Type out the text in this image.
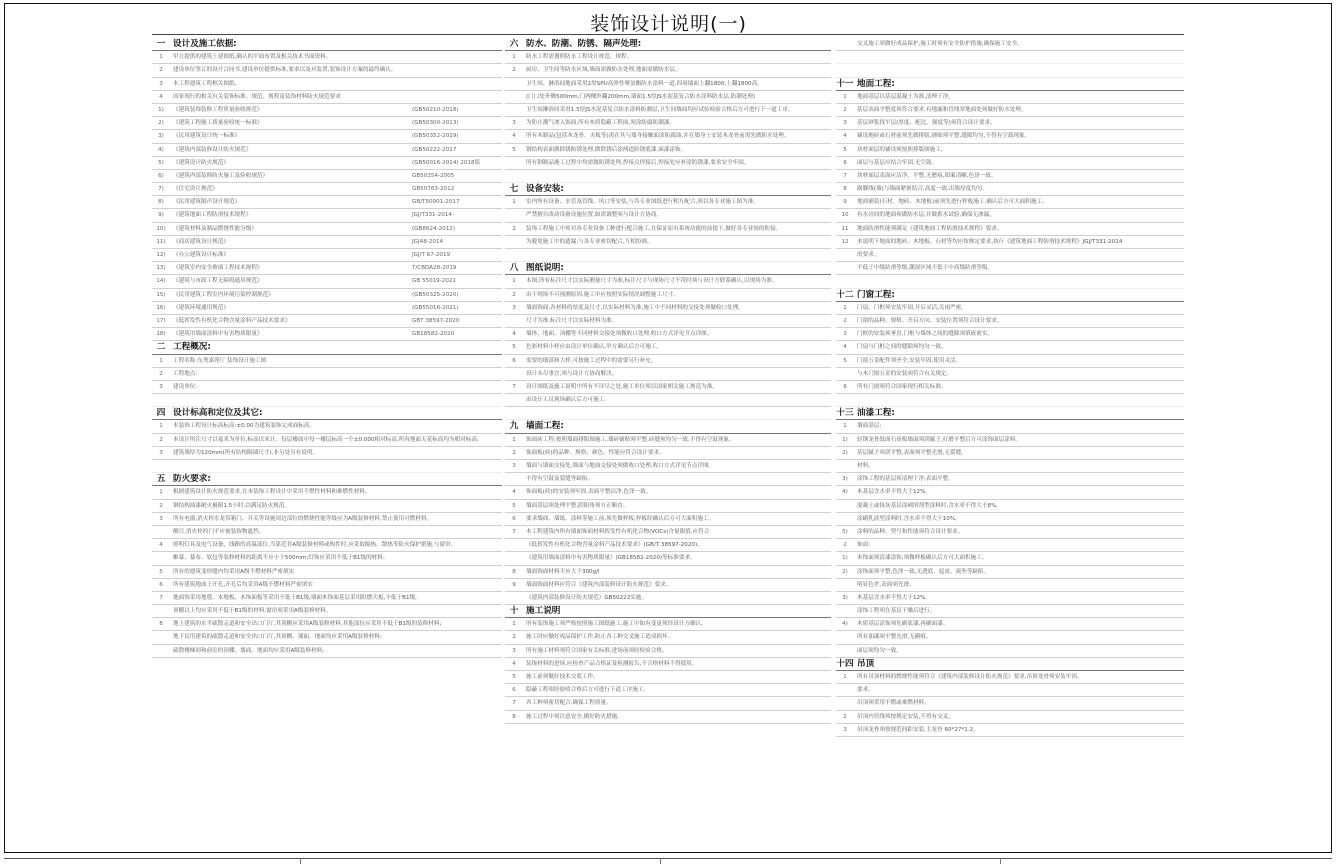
装饰设计说明(一)
一 设计及施工依据:
1	甲方提供的建筑土建图纸,确认的平面布置及相关技术书面资料。
2	建设单位签订的设计合同书,建设单位提供标准,要求以及对装置,装饰设计方案的最终确认。
3	本工程建筑工程相关图纸。
4	国家现行的相关有关装饰标准、规范、规程及装饰材料防火规范要求
1)	《建筑装饰装修工程质量验收规范》	(GB50210-2018)
2)	《建筑工程施工质量验收统一标准》	(GB50300-2013)
3)	《民用建筑设计统一标准》	(GB50352-2019)
4)	《建筑内部装修设计防火规范》	(GB50222-2017
5)	《建筑设计防火规范》	(GB50016-2014) 2018版
6)	《建筑内部装修防火施工及验收规范》	GB50354-2005
7)	《住宅设计规范》	GB50763-2012
8)	《民用建筑隔声设计规范》	GB/T50001-2017
9)	《建筑地面工程防滑技术规程》	JGJ/T331-2014
10)	《建筑材料及制品燃烧性能分级》	(GB8624-2012)
11)	《商店建筑设计规范》	JGJ48-2014
12)	《办公建筑设计标准》	JGJ/T 67-2019
13)	《建筑室内安全玻璃工程技术规程》	T/CBDA28-2019
14)	《建筑与市政工程无障碍通用规范》	GB 55019-2021
15)	《民用建筑工程室内环境污染控制规范》	(GB50325-2020)
16)	《建筑环境通用规范》	(GB55016-2021)
17)	《低挥发性有机化合物含量涂料产品技术要求》	GBT 38597-2020
18)	《建筑用墙面涂料中有害物质限量》	GB18582-2020
二 工程概况:
1	工程名称:东秀嘉苑厅 装饰设计施工图
2	工程地点:
3	建设单位:
四 设计标高和定位及其它:
1	本装饰工程设计标高标高:±0.00为建筑装饰完成面标高。
2	本设计所注尺寸以毫米为单位,标高以米计。每层楼面中每一楼层标高一个±0.000相对标高,所有地面天花标高均为相对标高。
3	建筑墙厚为120mm(所有结构隔墙尺寸),非另处另有说明。
五 防火要求:
1	根据建筑设计防火规范要求,在本装饰工程设计中采用不燃性材料和难燃性材料。
2	钢结构油漆耐火极限1.5小时,以满足防火规范。
3	所有电器,消火栓水龙带箱门、开关等设施周边部位的燃烧性能等级应为A级装修材料,禁止使用可燃材料。
醒目,消火栓的门不应被装饰物遮挡。
4	照明灯具及电气设备、线路的高温部位,当靠近非A级装修材料或构件时,应采取隔热、散热等防火保护措施,与窗帘、
帷幕、幕布、软包等装修材料的距离不应小于500mm;灯饰应采用不低于B1级的材料。
5	所有的建筑变形缝内均采用A级不燃材料严密填实
6	所有建筑地面上开孔,开孔后均采用A级不燃材料严密填实
7	地面饰采用地毯、木地板、木饰面板等采用不低于B1级,墙面木饰面基层采用阻燃大板,不低于B1级,
顶棚以上均应采用不低于B1级的材料,窗帘须采用A级装修材料。
8	地上建筑的水平疏散走道和安全出口门厅,其顶棚应采用A级装修材料,其他部位应采用不低于B1级的装修材料;
地下民用建筑的疏散走道和安全出口门厅,其顶棚、墙面、地面均应采用A级装修材料;
疏散楼梯间和前室的顶棚、墙面、地面均应采用A级装修材料;
六 防水、防潮、防锈、隔声处理:
1	防水工程需遵照防水工程设计规范、规程。
2	厨房、卫生间等防水区域,墙面需做防水处理,地面需做防水层。
卫生间、淋浴间地面采用2厚SPU高弹性聚氨酯防水涂料一道,四周墙面上翻1800,上翻1800高。
(门口处外侧500mm,门两侧外翻200mm,墙面1.5厚JS水泥基复合防水涂料防水层,防潮处理)
卫生间淋浴间采用1.5厚JS水泥基复合防水涂料防潮层,卫生间墙面均应试验检验合格后方可进行下一道工序。
3	为防止潮气渗入饰面,所有木质隐蔽工程面,须涂防腐防潮漆。
4	所有木制品(包括木龙骨、夹板等)需在其与墙身接触面涂防腐油,并在墙身上安装木龙骨前需先做防水处理。
5	钢结构表面做除锈防锈处理,做除锈后涂两道防锈底漆,面漆涂饰。
所有钢制品施工过程中均需做防锈处理,焊接点焊接后,焊接处应补涂防锈漆,要求安全牢固。
七 设备安装:
1	室内所有设备、水管及管线、风口等安装,与各专业图纸进行相互配合,须以各专业施工图为准。
严禁擅自改动设备设施位置,如需调整须与设计方协商。
2	装饰工程施工中须对各专业设备工种进行配合施工,在保证原有系统功能的前提下,做好各专业间的衔接。
为避免施工中的遗漏,与各专业密切配合,互相协调。
八 图纸说明:
1	本图,所有标注尺寸以实际测量尺寸为准,标注尺寸与现场尺寸不符时须与设计方联系确认,以现场为准。
2	由于现场不可预测原因,施工中应按照实际情况调整施工尺寸。
3	墙面饰面,各材料的厚度及尺寸,以实际材料为准,施工中不同材料的交接处须做收口处理。
尺寸为准,标注尺寸以实际材料为准。
4	墙体、地面、顶棚等不同材料交接处须做收口处理,收口方式详见节点详图。
5	色彩材料小样应由设计单位确认,甲方确认后方可施工。
6	需要的细部和大样,可按施工过程中的需要另行补充。
设计未尽事宜,须与设计方协商解决。
7	设计图纸及施工说明中所有不详尽之处,施工单位须以国家相关施工规范为准。
由设计人员现场确认后方可施工。
九 墙面工程:
1	饰面砖工程:按照墙面排版图施工,墙砖铺贴须平整,砖缝须均匀一致,不得有空鼓现象。
2	饰面板(砖)的品种、规格、颜色、性能应符合设计要求。
3	墙面与墙面交接处,墙面与地面交接处须做收口处理,收口方式详见节点详图。
不得有空鼓及裂缝等缺陷。
4	饰面板(砖)的安装须牢固,表面平整洁净,色泽一致。
5	墙面基层须处理平整,阴阳角须方正顺直。
6	要求墙面、墙纸、涂料等施工前,须先做样板,样板经确认后方可大面积施工。
7	本工程建筑内所有墙面饰面材料挥发性有机化合物(VOCs)含量限值,应符合
《低挥发性有机化合物含量涂料产品技术要求》(GB/T 38597-2020)、
《建筑用墙面涂料中有害物质限量》(GB18582-2020)等标准要求。
8	墙面饰面材料不应大于300g/l
9	墙面饰面材料应符合《建筑内部装修设计防火规范》要求。
《建筑内部装修设计防火规范》GB50222实施。
十 施工说明
1	所有装饰施工须严格按照施工图纸施工,施工中如有变更须经设计方确认。
2	施工时应做好成品保护工作,防止各工种交叉施工造成损坏。
3	所有施工材料须符合国家有关标准,进场前须经检验合格。
4	装饰材料的进场,应检查产品合格证及检测报告,不合格材料不得使用。
5	施工前须做好技术交底工作。
6	隐蔽工程须经验收合格后方可进行下道工序施工。
7	各工种须密切配合,确保工程质量。
8	施工过程中须注意安全,做好防火措施。
交叉施工须做好成品保护,施工时须有安全防护措施,确保施工安全。
十一 地面工程:
1	地面基层以基层混凝土为准,清理干净。
2	基层表面平整度须符合要求,有地漏和管线穿地面处须做好防水处理。
3	基层砂浆找平层(厚度、配比、强度等)须符合设计要求。
4	铺设地砖或石材前须先做排版,铺贴须平整,缝隙均匀,不得有空鼓现象。
5	块材面层的铺设须按照排版图施工。
6	面层与基层应结合牢固,无空鼓。
7	块材面层表面应洁净、平整,无磨痕,图案清晰,色泽一致。
8	踢脚线(墙)与墙面紧密结合,高度一致,出墙厚度均匀。
9	地面铺装(石材、地砖、木地板)前须先进行样板施工,确认后方可大面积施工。
10	有水房间的地面须做防水层,并做蓄水试验,确保无渗漏。
11	地面防滑性能须满足《建筑地面工程防滑技术规程》要求。
12	本说明下地面的地砖、木地板、石材等均应按规定要求,执行《建筑地面工程防滑技术规程》JGJ/T331-2014
的要求。
不低于中级防滑等级,潮湿区域不低于中高级防滑等级。
十二 门窗工程:
1	门扇、门框须安装牢固,开启灵活,关闭严密。
2	门窗的品种、规格、开启方向、安装位置须符合设计要求。
3	门框的安装须垂直,门框与墙体之间的缝隙须填嵌密实。
4	门扇与门框之间的缝隙须均匀一致。
5	门窗五金配件须齐全,安装牢固,使用灵活。
与木门窗五金的安装须符合有关规定。
6	所有门窗须符合国家现行相关标准。
十三 油漆工程:
1	墙面基层:
1)	轻钢龙骨纸面石膏板墙面须刮腻子,打磨平整后方可涂饰面层涂料。
2)	基层腻子须刮平整,表面须平整光滑,无裂缝。
材料。
3)	涂饰工程的基层须清理干净,表面平整。
4)	木基层含水率不得大于12%。
混凝土或抹灰基层涂刷溶剂型涂料时,含水率不得大于8%。
涂刷乳液型涂料时,含水率不得大于10%。
5)	涂料的品种、型号和性能须符合设计要求。
2	饰面:
1)	木饰面须清漆涂饰,须做样板确认后方可大面积施工。
2)	涂饰面须平整,色泽一致,无透底、起皮、流坠等缺陷。
明显色差,表面须光滑。
3)	木基层含水率不得大于12%。
涂饰工程须在基层干燥后进行。
4)	木质基层涂饰须先刷底漆,再刷面漆。
所有油漆须平整光滑,无刷痕。
面层须均匀一致。
十四 吊顶
1	所有吊顶材料的燃烧性能须符合《建筑内部装修设计防火规范》要求,吊顶龙骨须安装牢固。
要求。
吊顶须采用不燃或难燃材料。
2	吊顶内管线须按规定安装,不得有交叉。
3	吊顶龙骨须按规范间距安装,主龙骨 60*27*1.2。
